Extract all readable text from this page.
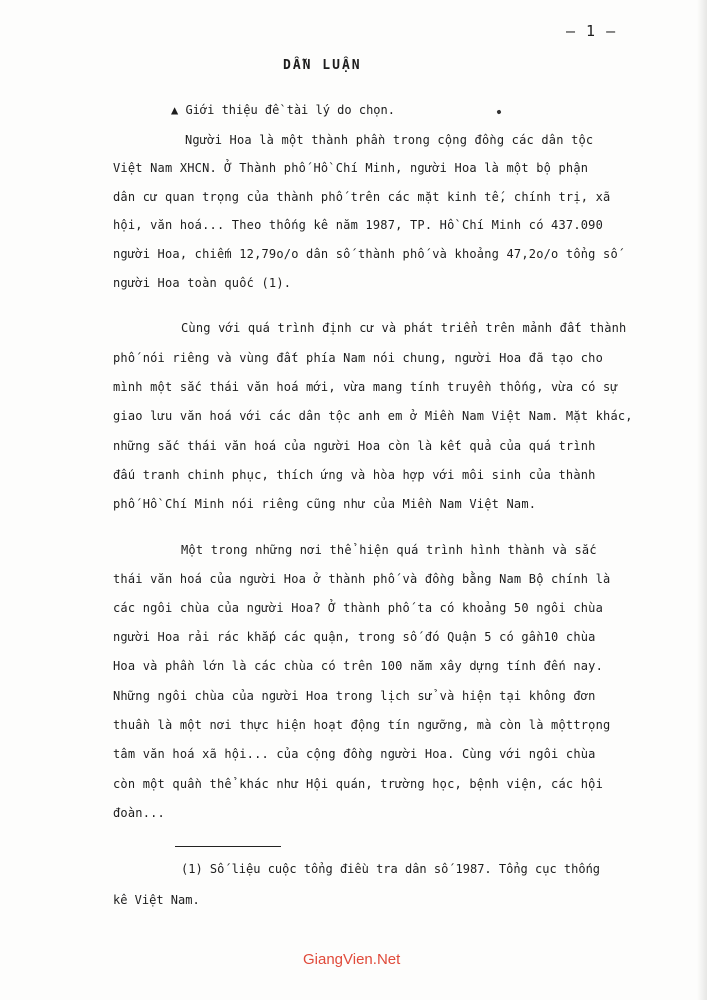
— 1 —
DẪN LUẬN
▲ Giới thiệu đề tài lý do chọn.
Người Hoa là một thành phần trong cộng đồng các dân tộc
Việt Nam XHCN. Ở Thành phố Hồ Chí Minh, người Hoa là một bộ phận
dân cư quan trọng của thành phố trên các mặt kinh tế, chính trị, xã
hội, văn hoá... Theo thống kê năm 1987, TP. Hồ Chí Minh có 437.090
người Hoa, chiếm 12,79o/o dân số thành phố và khoảng 47,2o/o tổng số
người Hoa toàn quốc (1).
Cùng với quá trình định cư và phát triển trên mảnh đất thành
phố nói riêng và vùng đất phía Nam nói chung, người Hoa đã tạo cho
mình một sắc thái văn hoá mới, vừa mang tính truyền thống, vừa có sự
giao lưu văn hoá với các dân tộc anh em ở Miền Nam Việt Nam. Mặt khác,
những sắc thái văn hoá của người Hoa còn là kết quả của quá trình
đấu tranh chinh phục, thích ứng và hòa hợp với môi sinh của thành
phố Hồ Chí Minh nói riêng cũng như của Miền Nam Việt Nam.
Một trong những nơi thể hiện quá trình hình thành và sắc
thái văn hoá của người Hoa ở thành phố và đồng bằng Nam Bộ chính là
các ngôi chùa của người Hoa? Ở thành phố ta có khoảng 50 ngôi chùa
người Hoa rải rác khắp các quận, trong số đó Quận 5 có gần10 chùa
Hoa và phần lớn là các chùa có trên 100 năm xây dựng tính đến nay.
Những ngôi chùa của người Hoa trong lịch sử và hiện tại không đơn
thuần là một nơi thực hiện hoạt động tín ngưỡng, mà còn là mộttrọng
tâm văn hoá xã hội... của cộng đồng người Hoa. Cùng với ngôi chùa
còn một quần thể khác như Hội quán, trường học, bệnh viện, các hội
đoàn...
(1) Số liệu cuộc tổng điều tra dân số 1987. Tổng cục thống
kê Việt Nam.
GiangVien.Net
